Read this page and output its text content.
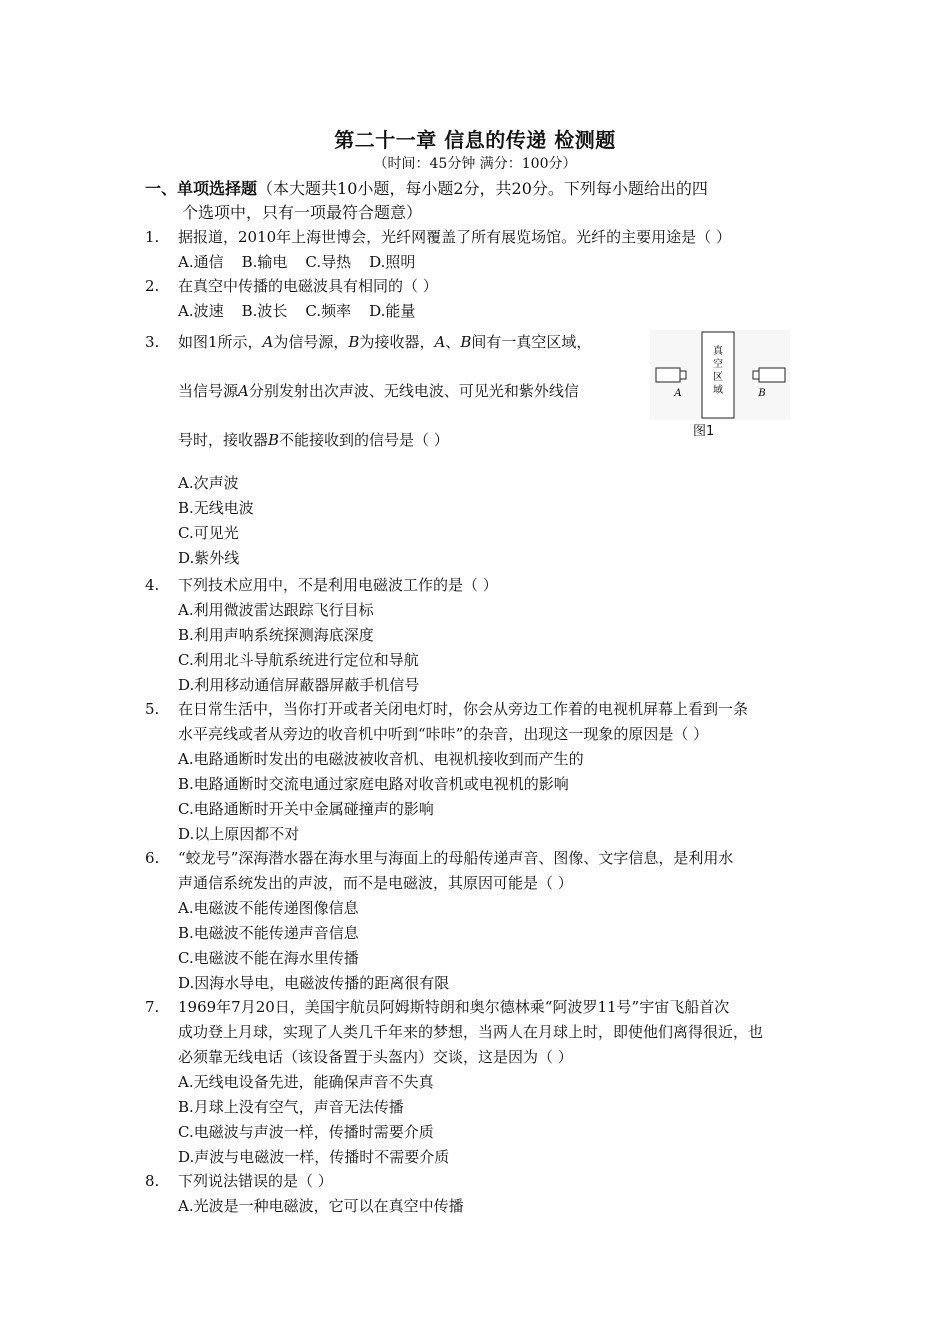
第二十一章 信息的传递 检测题
（时间：45分钟 满分：100分）
一、单项选择题（本大题共10小题，每小题2分，共20分。下列每小题给出的四
个选项中，只有一项最符合题意）
1.	据报道，2010年上海世博会，光纤网覆盖了所有展览场馆。光纤的主要用途是（ ）
A.通信 B.输电 C.导热 D.照明
2.	在真空中传播的电磁波具有相同的（ ）
A.波速 B.波长 C.频率 D.能量
3.	如图1所示，A为信号源，B为接收器，A、B间有一真空区域，
当信号源A分别发射出次声波、无线电波、可见光和紫外线信
号时，接收器B不能接收到的信号是（ ）
A.次声波
B.无线电波
C.可见光
D.紫外线
真
空
区
域
A	B
图1
4.	下列技术应用中，不是利用电磁波工作的是（ ）
A.利用微波雷达跟踪飞行目标
B.利用声呐系统探测海底深度
C.利用北斗导航系统进行定位和导航
D.利用移动通信屏蔽器屏蔽手机信号
5.	在日常生活中，当你打开或者关闭电灯时，你会从旁边工作着的电视机屏幕上看到一条
水平亮线或者从旁边的收音机中听到“咔咔”的杂音，出现这一现象的原因是（ ）
A.电路通断时发出的电磁波被收音机、电视机接收到而产生的
B.电路通断时交流电通过家庭电路对收音机或电视机的影响
C.电路通断时开关中金属碰撞声的影响
D.以上原因都不对
6.	“蛟龙号”深海潜水器在海水里与海面上的母船传递声音、图像、文字信息，是利用水
声通信系统发出的声波，而不是电磁波，其原因可能是（ ）
A.电磁波不能传递图像信息
B.电磁波不能传递声音信息
C.电磁波不能在海水里传播
D.因海水导电，电磁波传播的距离很有限
7.	1969年7月20日，美国宇航员阿姆斯特朗和奥尔德林乘“阿波罗11号”宇宙飞船首次
成功登上月球，实现了人类几千年来的梦想，当两人在月球上时，即使他们离得很近，也
必须靠无线电话（该设备置于头盔内）交谈，这是因为（ ）
A.无线电设备先进，能确保声音不失真
B.月球上没有空气，声音无法传播
C.电磁波与声波一样，传播时需要介质
D.声波与电磁波一样，传播时不需要介质
8.	下列说法错误的是（ ）
A.光波是一种电磁波，它可以在真空中传播
